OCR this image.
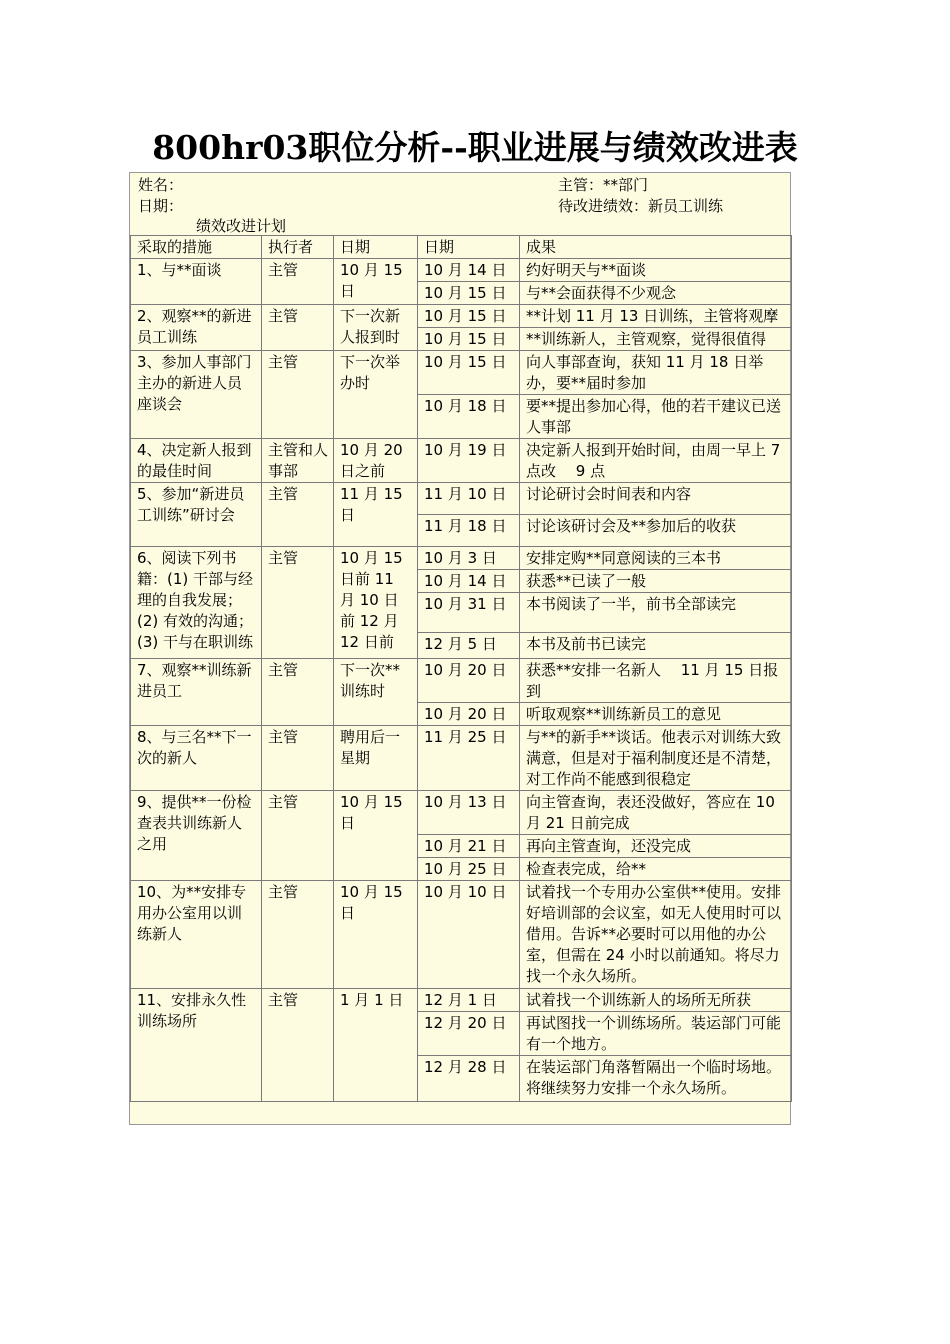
800hr03职位分析--职业进展与绩效改进表
姓名：
日期：
主管：**部门
待改进绩效：新员工训练
绩效改进计划
采取的措施	执行者	日期	日期	成果
1、与**面谈	主管	10 月 15 日	10 月 14 日	约好明天与**面谈
			10 月 15 日	与**会面获得不少观念
2、观察**的新进员工训练	主管	下一次新人报到时	10 月 15 日	**计划 11 月 13 日训练，主管将观摩
			10 月 15 日	**训练新人，主管观察，觉得很值得
3、参加人事部门主办的新进人员座谈会	主管	下一次举办时	10 月 15 日	向人事部查询，获知 11 月 18 日举办，要**届时参加
			10 月 18 日	要**提出参加心得，他的若干建议已送人事部
4、决定新人报到的最佳时间	主管和人事部	10 月 20 日之前	10 月 19 日	决定新人报到开始时间，由周一早上 7 点改　 9 点
5、参加“新进员工训练”研讨会	主管	11 月 15 日	11 月 10 日	讨论研讨会时间表和内容
			11 月 18 日	讨论该研讨会及**参加后的收获
6、阅读下列书籍：(1) 干部与经理的自我发展；(2) 有效的沟通；(3) 干与在职训练	主管	10 月 15 日前 11 月 10 日前 12 月 12 日前	10 月 3 日	安排定购**同意阅读的三本书
			10 月 14 日	获悉**已读了一般
			10 月 31 日	本书阅读了一半，前书全部读完
			12 月 5 日	本书及前书已读完
7、观察**训练新进员工	主管	下一次**训练时	10 月 20 日	获悉**安排一名新人　 11 月 15 日报到
			10 月 20 日	听取观察**训练新员工的意见
8、与三名**下一次的新人	主管	聘用后一星期	11 月 25 日	与**的新手**谈话。他表示对训练大致满意，但是对于福利制度还是不清楚，对工作尚不能感到很稳定
9、提供**一份检查表共训练新人之用	主管	10 月 15 日	10 月 13 日	向主管查询，表还没做好，答应在 10 月 21 日前完成
			10 月 21 日	再向主管查询，还没完成
			10 月 25 日	检查表完成，给**
10、为**安排专用办公室用以训练新人	主管	10 月 15 日	10 月 10 日	试着找一个专用办公室供**使用。安排好培训部的会议室，如无人使用时可以借用。告诉**必要时可以用他的办公室，但需在 24 小时以前通知。将尽力找一个永久场所。
11、安排永久性训练场所	主管	1 月 1 日	12 月 1 日	试着找一个训练新人的场所无所获
			12 月 20 日	再试图找一个训练场所。装运部门可能有一个地方。
			12 月 28 日	在装运部门角落暂隔出一个临时场地。将继续努力安排一个永久场所。
